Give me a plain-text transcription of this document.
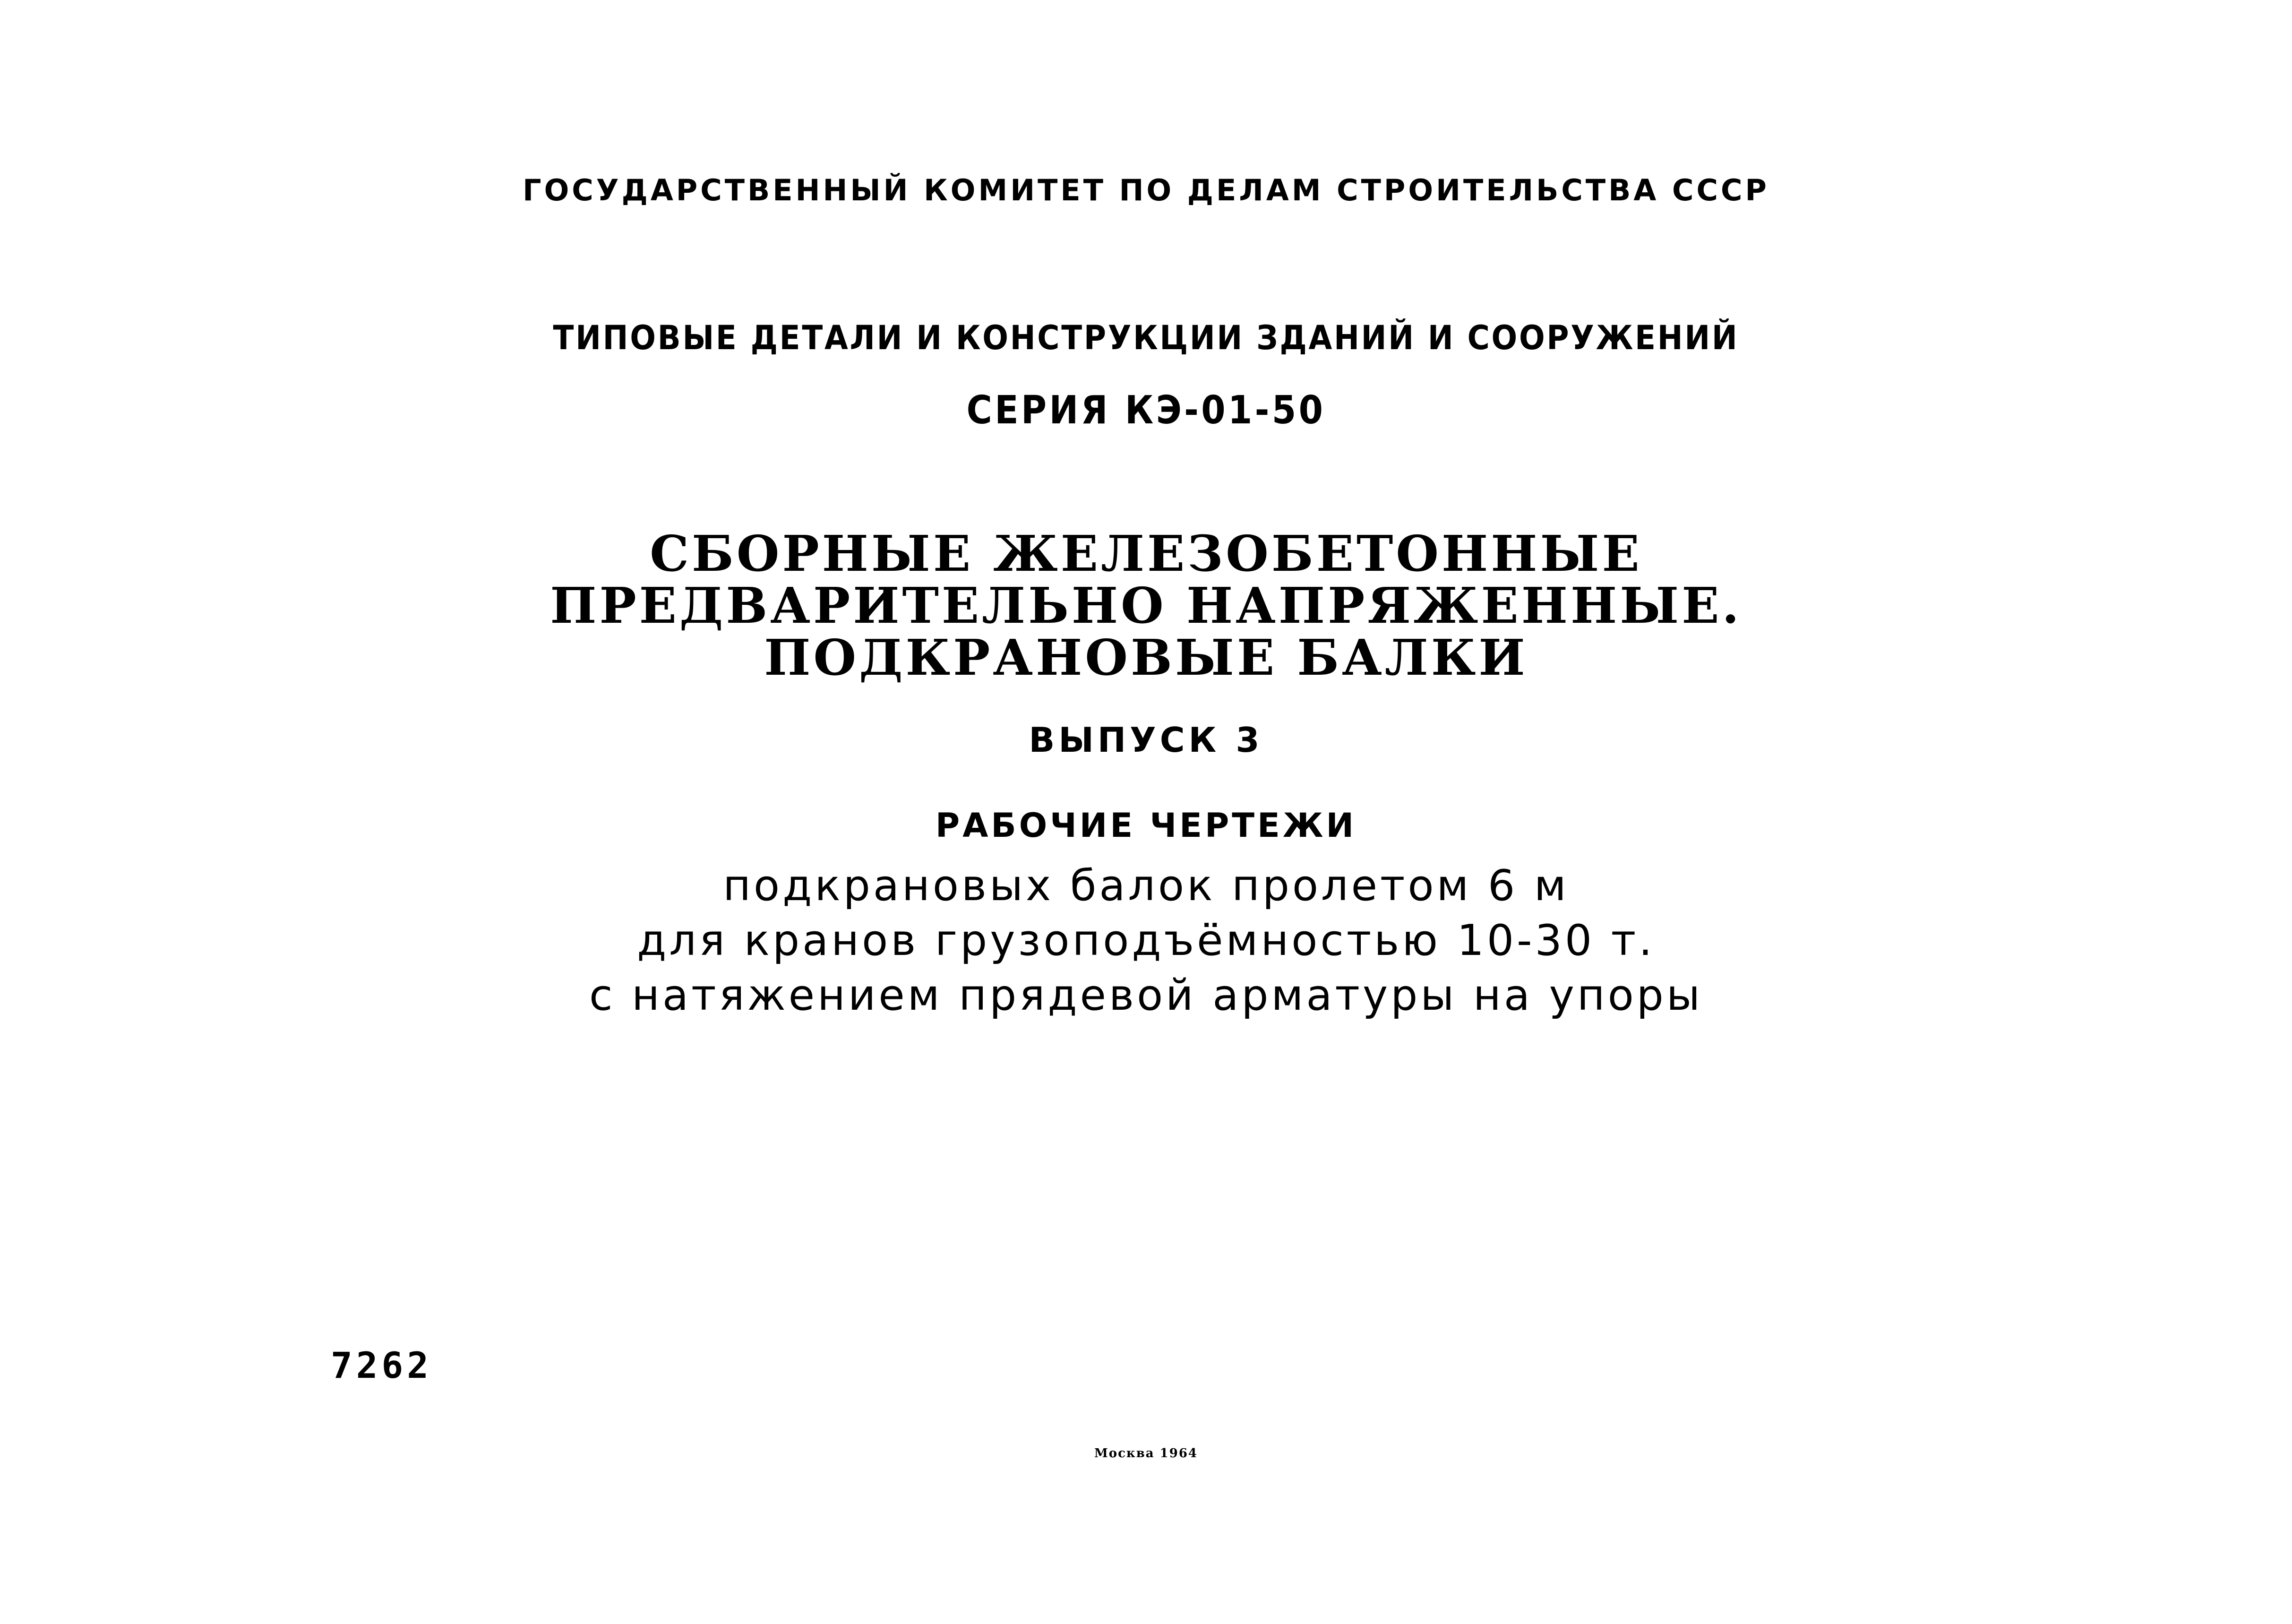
ГОСУДАРСТВЕННЫЙ КОМИТЕТ ПО ДЕЛАМ СТРОИТЕЛЬСТВА СССР
ТИПОВЫЕ ДЕТАЛИ И КОНСТРУКЦИИ ЗДАНИЙ И СООРУЖЕНИЙ
СЕРИЯ КЭ-01-50
СБОРНЫЕ ЖЕЛЕЗОБЕТОННЫЕ
ПРЕДВАРИТЕЛЬНО НАПРЯЖЕННЫЕ.
ПОДКРАНОВЫЕ БАЛКИ
ВЫПУСК 3
РАБОЧИЕ ЧЕРТЕЖИ
подкрановых балок пролетом 6 м
для кранов грузоподъёмностью 10-30 т.
с натяжением прядевой арматуры на упоры
7262
Москва 1964
